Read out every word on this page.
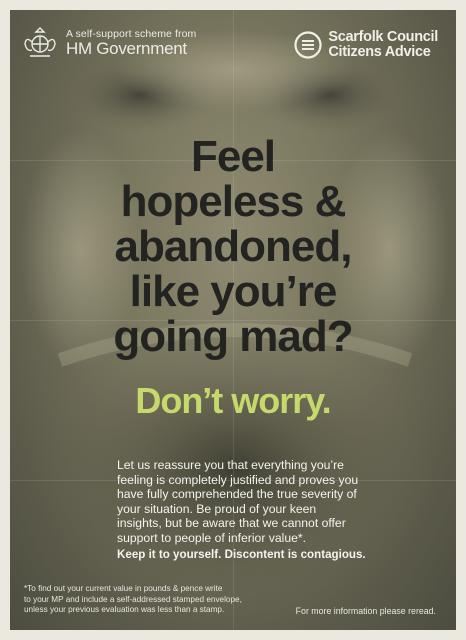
A self-support scheme from
HM Government
Scarfolk Council
Citizens Advice
Feel
hopeless &
abandoned,
like you’re
going mad?
Don’t worry.
Let us reassure you that everything you’re
feeling is completely justified and proves you
have fully comprehended the true severity of
your situation. Be proud of your keen
insights, but be aware that we cannot offer
support to people of inferior value*.
Keep it to yourself. Discontent is contagious.
*To find out your current value in pounds & pence write
to your MP and include a self-addressed stamped envelope,
unless your previous evaluation was less than a stamp.	For more information please reread.
